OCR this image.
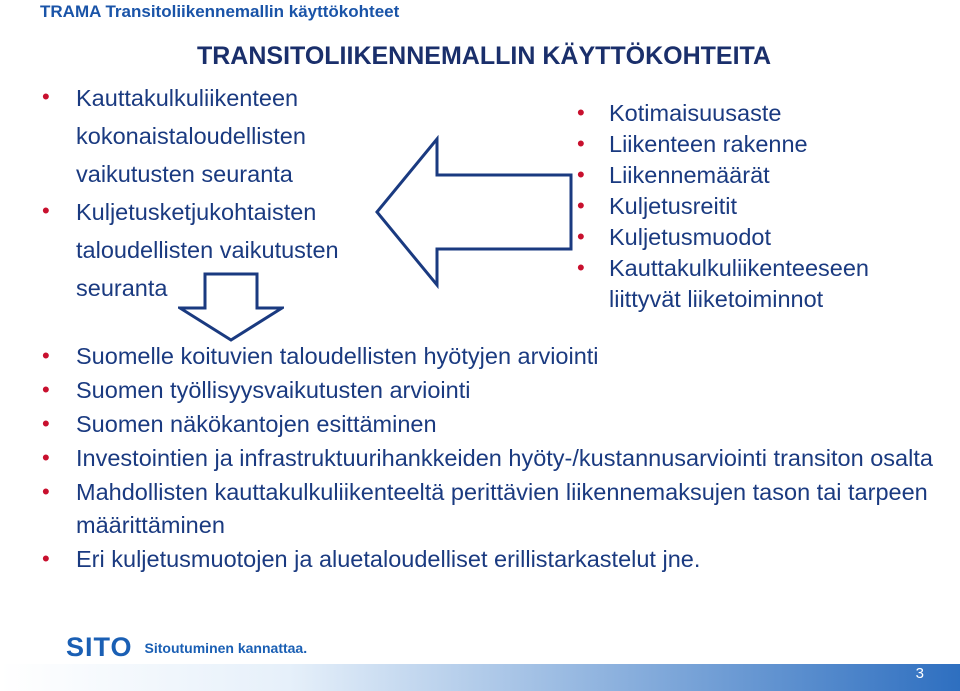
TRAMA Transitoliikennemallin käyttökohteet
TRANSITOLIIKENNEMALLIN KÄYTTÖKOHTEITA
• Kauttakulkuliikenteen kokonaistaloudellisten vaikutusten seuranta
• Kuljetusketjukohtaisten taloudellisten vaikutusten seuranta
• Kotimaisuusaste
• Liikenteen rakenne
• Liikennemäärät
• Kuljetusreitit
• Kuljetusmuodot
• Kauttakulkuliikenteeseen liittyvät liiketoiminnot
• Suomelle koituvien taloudellisten hyötyjen arviointi
• Suomen työllisyysvaikutusten arviointi
• Suomen näkökantojen esittäminen
• Investointien ja infrastruktuurihankkeiden hyöty-/kustannusarviointi transiton osalta
• Mahdollisten kauttakulkuliikenteeltä perittävien liikennemaksujen tason tai tarpeen määrittäminen
• Eri kuljetusmuotojen ja aluetaloudelliset erillistarkastelut jne.
SITO Sitoutuminen kannattaa.
3
